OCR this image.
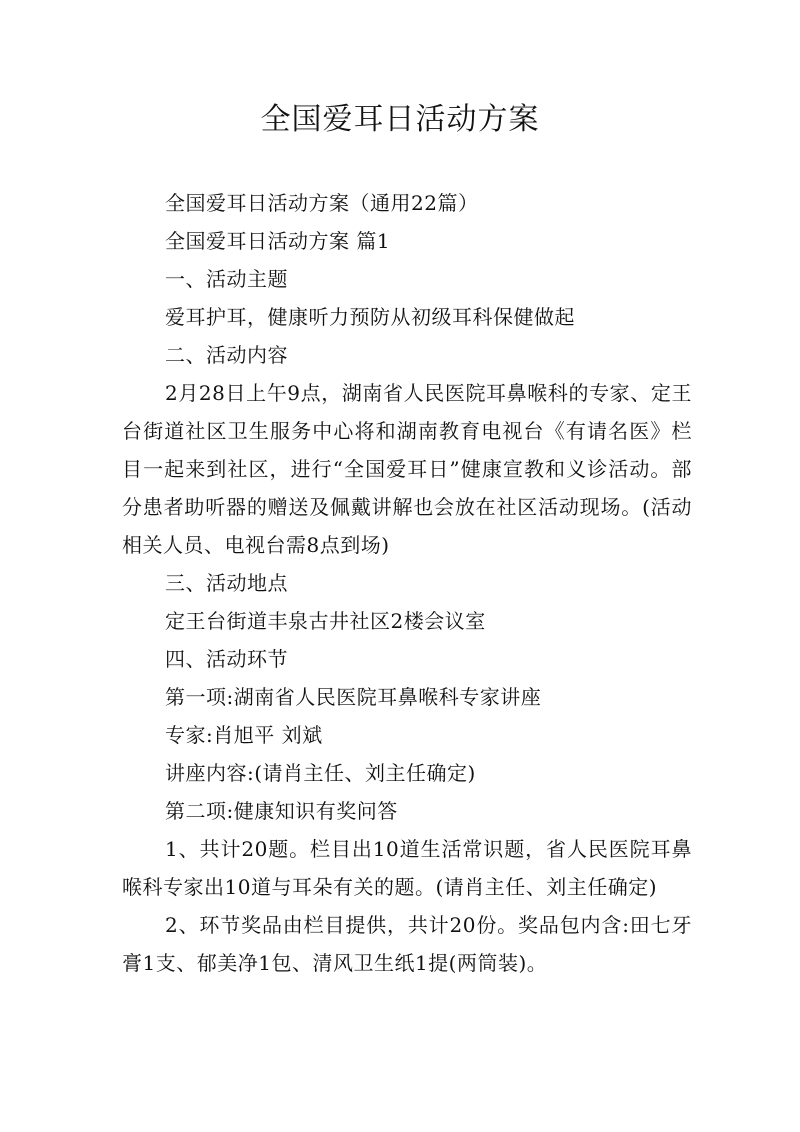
全国爱耳日活动方案

全国爱耳日活动方案（通用22篇）

全国爱耳日活动方案 篇1

一、活动主题

爱耳护耳，健康听力预防从初级耳科保健做起

二、活动内容

2月28日上午9点，湖南省人民医院耳鼻喉科的专家、定王台街道社区卫生服务中心将和湖南教育电视台《有请名医》栏目一起来到社区，进行“全国爱耳日”健康宣教和义诊活动。部分患者助听器的赠送及佩戴讲解也会放在社区活动现场。(活动相关人员、电视台需8点到场)

三、活动地点

定王台街道丰泉古井社区2楼会议室

四、活动环节

第一项:湖南省人民医院耳鼻喉科专家讲座

专家:肖旭平 刘斌

讲座内容:(请肖主任、刘主任确定)

第二项:健康知识有奖问答

1、共计20题。栏目出10道生活常识题，省人民医院耳鼻喉科专家出10道与耳朵有关的题。(请肖主任、刘主任确定)

2、环节奖品由栏目提供，共计20份。奖品包内含:田七牙膏1支、郁美净1包、清风卫生纸1提(两筒装)。
